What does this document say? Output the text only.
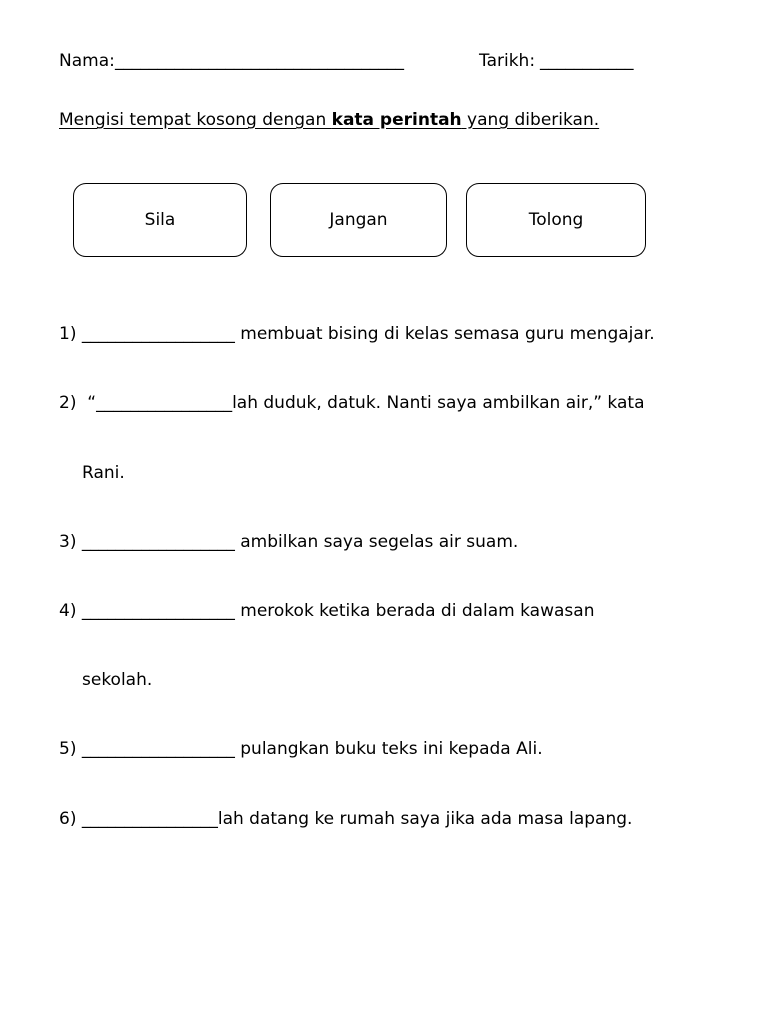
Nama: __________________________________	Tarikh: ___________
Mengisi tempat kosong dengan kata perintah yang diberikan.
Sila	Jangan	Tolong
1) __________________ membuat bising di kelas semasa guru mengajar.
2) “________________lah duduk, datuk. Nanti saya ambilkan air,” kata
Rani.
3) __________________ ambilkan saya segelas air suam.
4) __________________ merokok ketika berada di dalam kawasan
sekolah.
5) __________________ pulangkan buku teks ini kepada Ali.
6) ________________lah datang ke rumah saya jika ada masa lapang.
